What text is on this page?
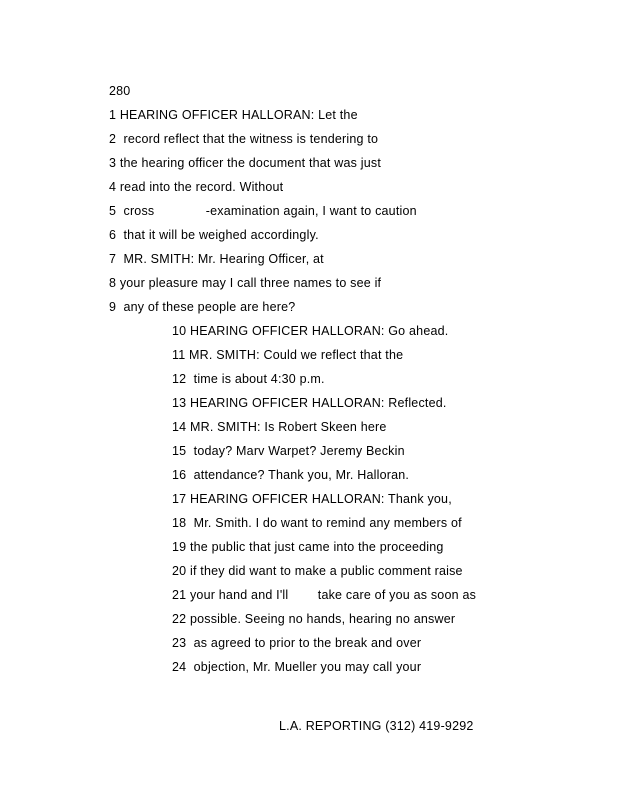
280
1 HEARING OFFICER HALLORAN: Let the
2  record reflect that the witness is tendering to
3 the hearing officer the document that was just
4 read into the record. Without
5  cross              -examination again, I want to caution
6  that it will be weighed accordingly.
7  MR. SMITH: Mr. Hearing Officer, at
8 your pleasure may I call three names to see if
9  any of these people are here?
10 HEARING OFFICER HALLORAN: Go ahead.
11 MR. SMITH: Could we reflect that the
12  time is about 4:30 p.m.
13 HEARING OFFICER HALLORAN: Reflected.
14 MR. SMITH: Is Robert Skeen here
15  today? Marv Warpet? Jeremy Beckin
16  attendance? Thank you, Mr. Halloran.
17 HEARING OFFICER HALLORAN: Thank you,
18  Mr. Smith. I do want to remind any members of
19 the public that just came into the proceeding
20 if they did want to make a public comment raise
21 your hand and I'll        take care of you as soon as
22 possible. Seeing no hands, hearing no answer
23  as agreed to prior to the break and over
24  objection, Mr. Mueller you may call your
L.A. REPORTING (312) 419-9292
